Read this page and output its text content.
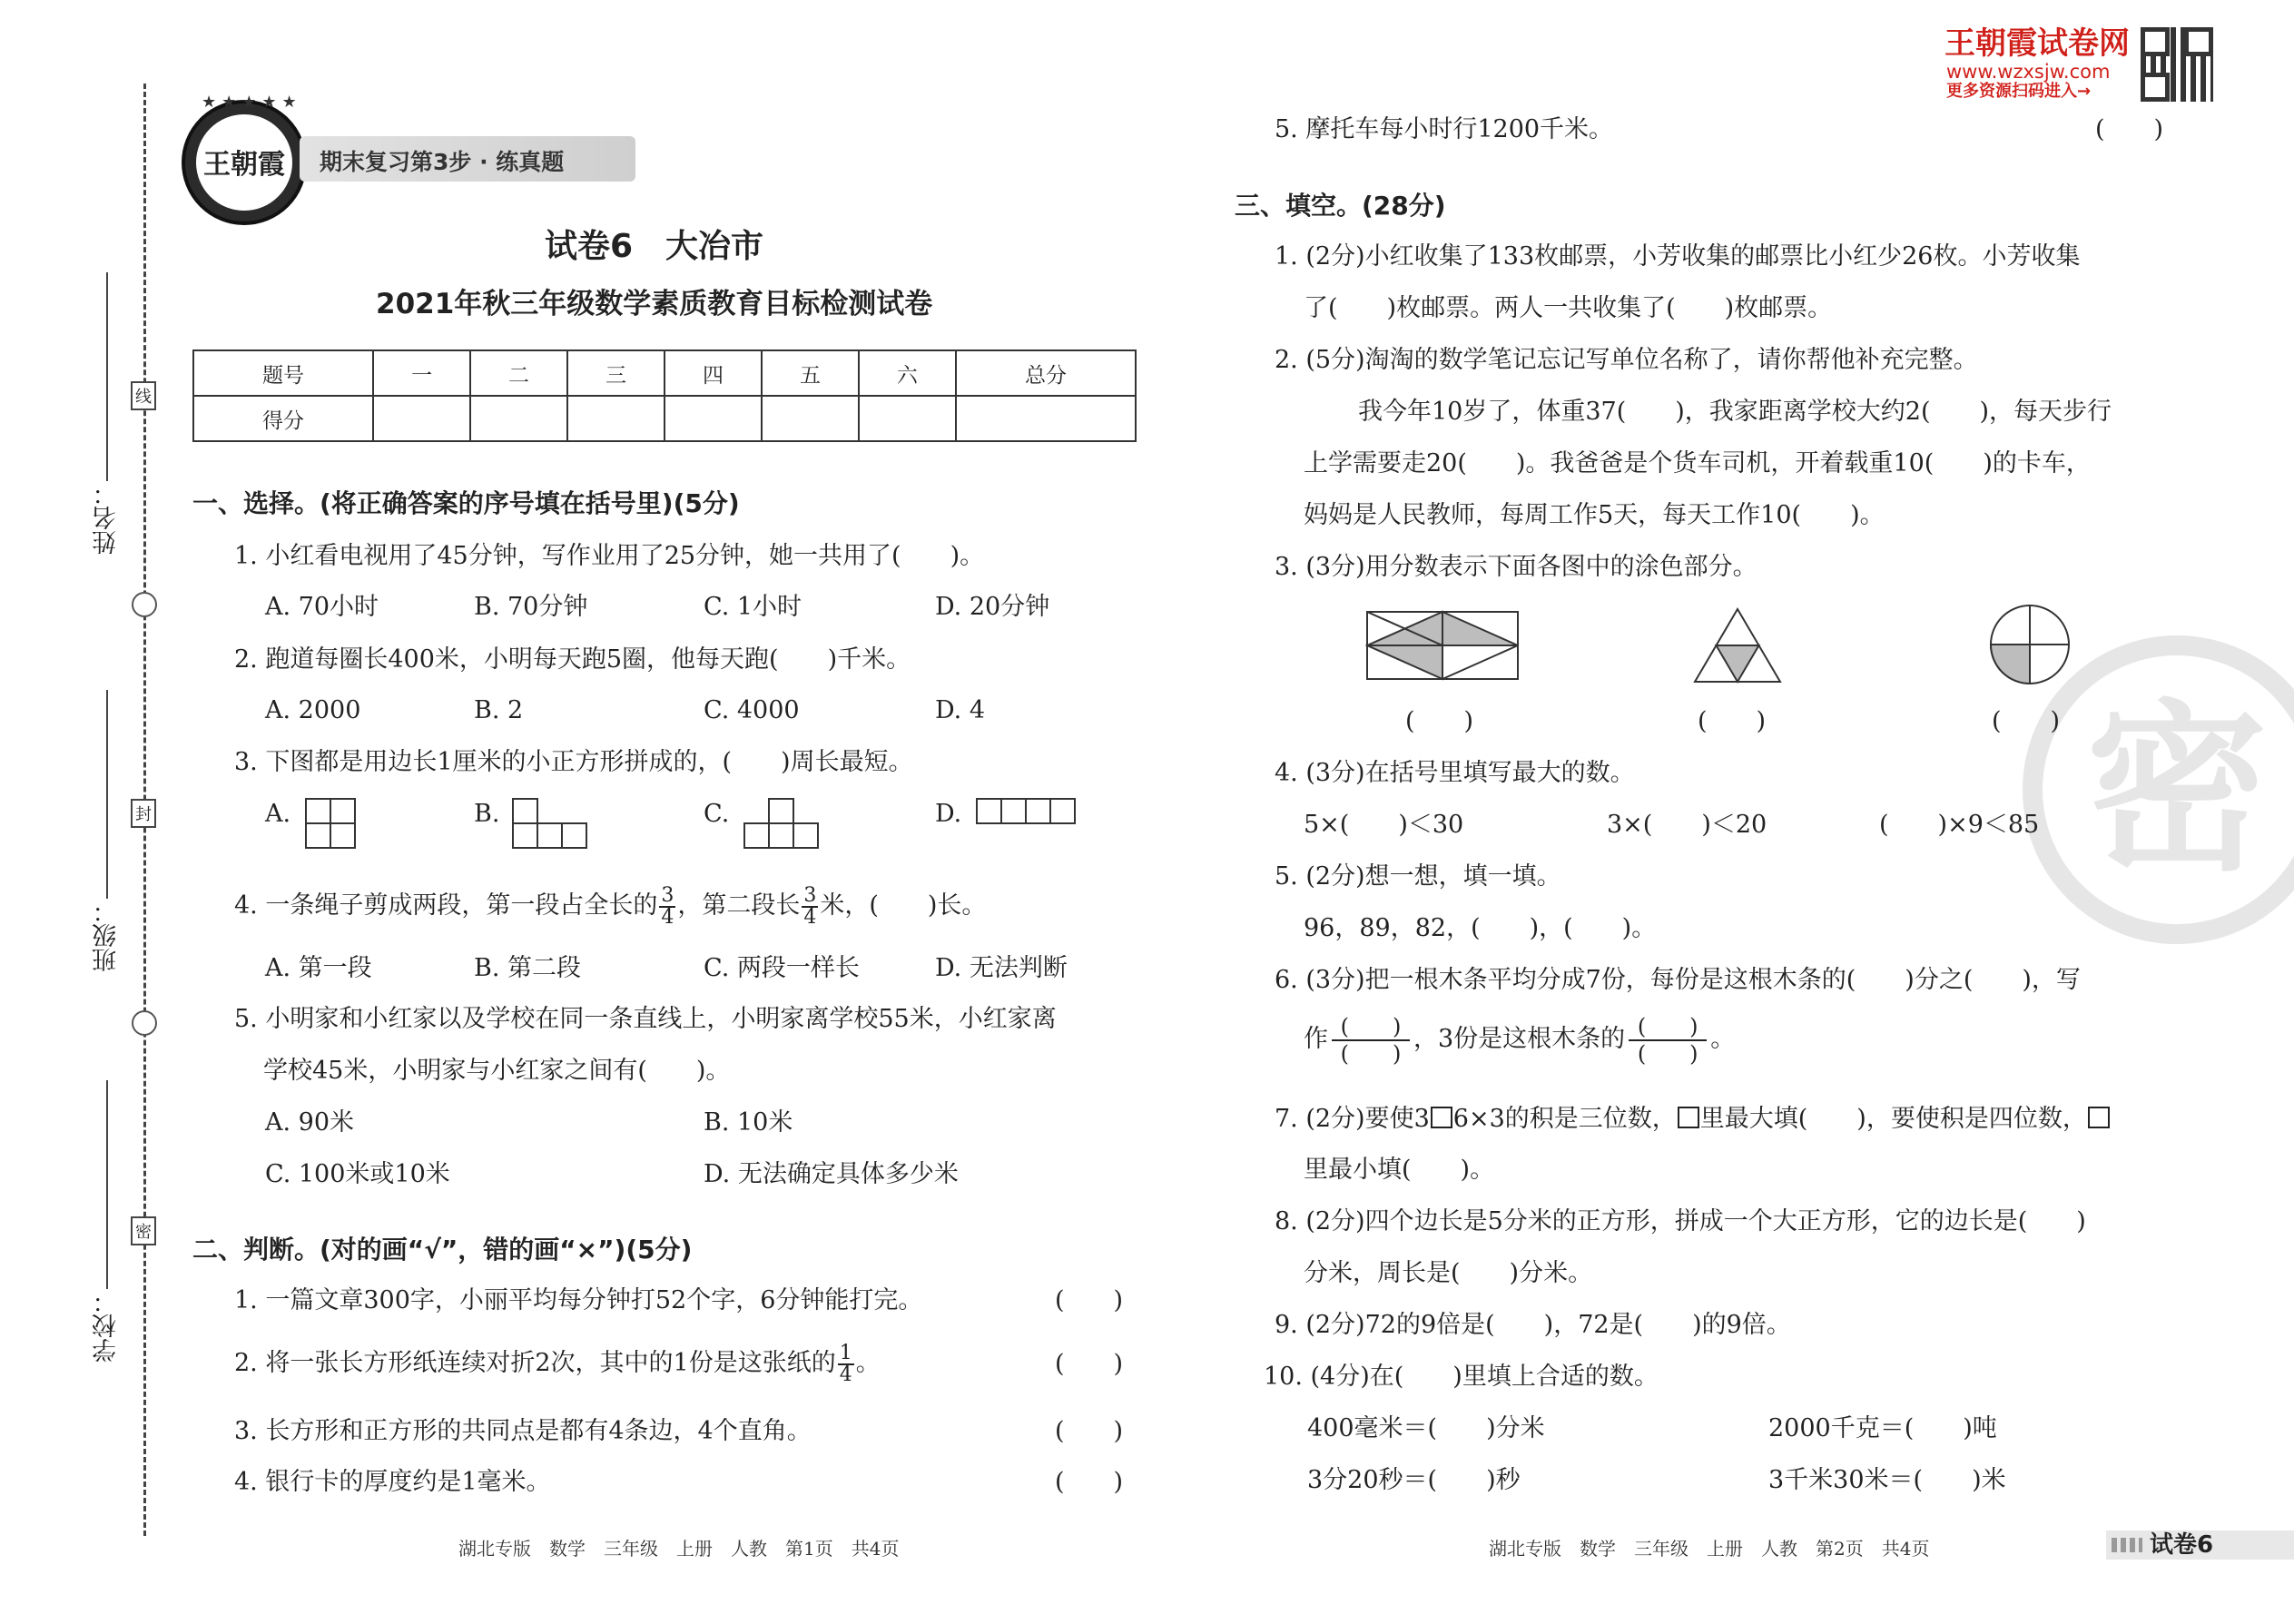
线
封
密
姓名：
班级：
学校：
王朝霞
★★★★★
期末复习第3步 · 练真题
试卷6　大冶市
2021年秋三年级数学素质教育目标检测试卷
王朝霞试卷网
www.wzxsjw.com
更多资源扫码进入→
题号	一	二	三	四	五	六	总分
得分							
一、选择。(将正确答案的序号填在括号里)(5分)
1. 小红看电视用了45分钟，写作业用了25分钟，她一共用了(　　)。
A. 70小时	B. 70分钟	C. 1小时	D. 20分钟
2. 跑道每圈长400米，小明每天跑5圈，他每天跑(　　)千米。
A. 2000	B. 2	C. 4000	D. 4
3. 下图都是用边长1厘米的小正方形拼成的，(　　)周长最短。
A.	B.	C.	D.
4. 一条绳子剪成两段，第一段占全长的 $\frac{3}{4}$ ，第二段长 $\frac{3}{4}$ 米，(　　)长。
A. 第一段	B. 第二段	C. 两段一样长	D. 无法判断
5. 小明家和小红家以及学校在同一条直线上，小明家离学校55米，小红家离
学校45米，小明家与小红家之间有(　　)。
A. 90米	B. 10米
C. 100米或10米	D. 无法确定具体多少米
二、判断。(对的画“√”，错的画“×”)(5分)
1. 一篇文章300字，小丽平均每分钟打52个字，6分钟能打完。	(　　)
2. 将一张长方形纸连续对折2次，其中的1份是这张纸的 $\frac{1}{4}$ 。	(　　)
3. 长方形和正方形的共同点是都有4条边，4个直角。	(　　)
4. 银行卡的厚度约是1毫米。	(　　)
湖北专版　数学　三年级　上册　人教　第1页　共4页
密
5. 摩托车每小时行1200千米。	(　　)
三、填空。(28分)
1. (2分)小红收集了133枚邮票，小芳收集的邮票比小红少26枚。小芳收集
了(　　)枚邮票。两人一共收集了(　　)枚邮票。
2. (5分)淘淘的数学笔记忘记写单位名称了，请你帮他补充完整。
我今年10岁了，体重37(　　)，我家距离学校大约2(　　)，每天步行
上学需要走20(　　)。我爸爸是个货车司机，开着载重10(　　)的卡车，
妈妈是人民教师，每周工作5天，每天工作10(　　)。
3. (3分)用分数表示下面各图中的涂色部分。
(　　)	(　　)	(　　)
4. (3分)在括号里填写最大的数。
5×(　　)＜30	3×(　　)＜20	(　　)×9＜85
5. (2分)想一想，填一填。
96，89，82，(　　)，(　　)。
6. (3分)把一根木条平均分成7份，每份是这根木条的(　　)分之(　　)，写
作 $\frac{( )}{( )}$ ，3份是这根木条的 $\frac{( )}{( )}$ 。
7. (2分)要使3 6×3的积是三位数， 里最大填(　　)，要使积是四位数，
里最小填(　　)。
8. (2分)四个边长是5分米的正方形，拼成一个大正方形，它的边长是(　　)
分米，周长是(　　)分米。
9. (2分)72的9倍是(　　)，72是(　　)的9倍。
10. (4分)在(　　)里填上合适的数。
400毫米＝(　　)分米	2000千克＝(　　)吨
3分20秒＝(　　)秒	3千米30米＝(　　)米
湖北专版　数学　三年级　上册　人教　第2页　共4页	试卷6
